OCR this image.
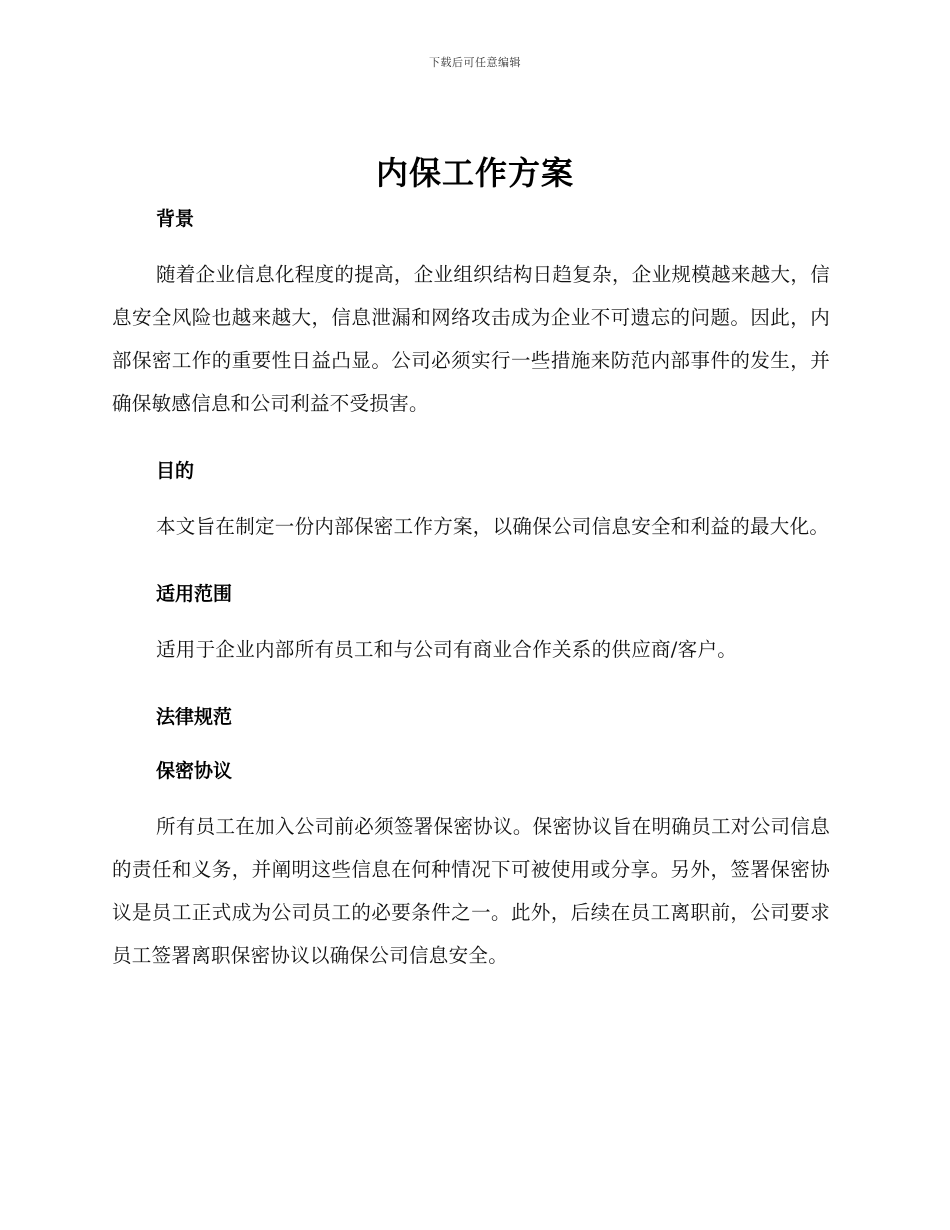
下载后可任意编辑
内保工作方案
背景

随着企业信息化程度的提高，企业组织结构日趋复杂，企业规模越来越大，信息安全风险也越来越大，信息泄漏和网络攻击成为企业不可遗忘的问题。因此，内部保密工作的重要性日益凸显。公司必须实行一些措施来防范内部事件的发生，并确保敏感信息和公司利益不受损害。

目的

本文旨在制定一份内部保密工作方案，以确保公司信息安全和利益的最大化。

适用范围

适用于企业内部所有员工和与公司有商业合作关系的供应商/客户。

法律规范
保密协议

所有员工在加入公司前必须签署保密协议。保密协议旨在明确员工对公司信息的责任和义务，并阐明这些信息在何种情况下可被使用或分享。另外，签署保密协议是员工正式成为公司员工的必要条件之一。此外，后续在员工离职前，公司要求员工签署离职保密协议以确保公司信息安全。
